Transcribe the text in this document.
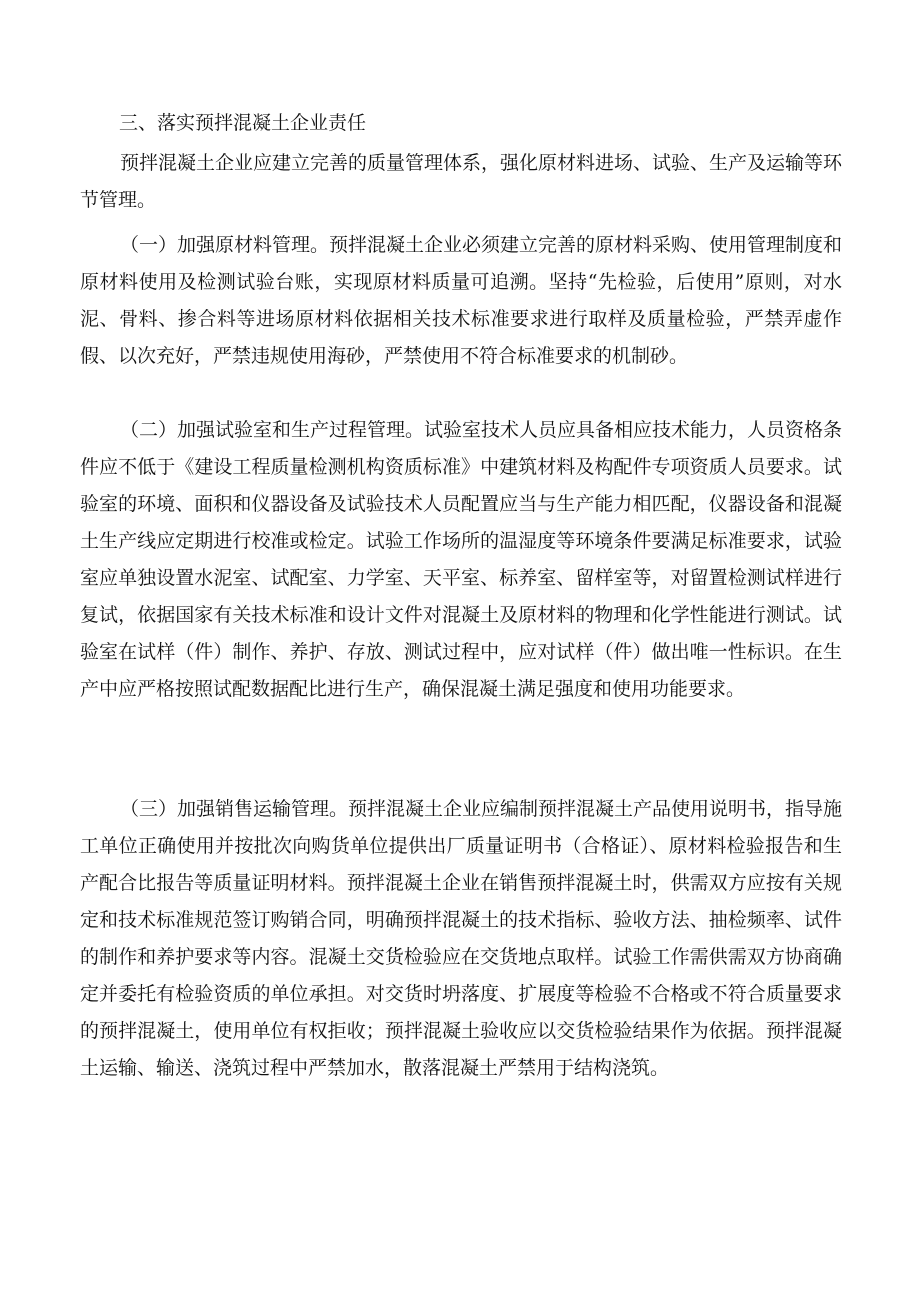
三、落实预拌混凝土企业责任

预拌混凝土企业应建立完善的质量管理体系，强化原材料进场、试验、生产及运输等环节管理。

（一）加强原材料管理。预拌混凝土企业必须建立完善的原材料采购、使用管理制度和原材料使用及检测试验台账，实现原材料质量可追溯。坚持“先检验，后使用”原则，对水泥、骨料、掺合料等进场原材料依据相关技术标准要求进行取样及质量检验，严禁弄虚作假、以次充好，严禁违规使用海砂，严禁使用不符合标准要求的机制砂。

（二）加强试验室和生产过程管理。试验室技术人员应具备相应技术能力，人员资格条件应不低于《建设工程质量检测机构资质标准》中建筑材料及构配件专项资质人员要求。试验室的环境、面积和仪器设备及试验技术人员配置应当与生产能力相匹配，仪器设备和混凝土生产线应定期进行校准或检定。试验工作场所的温湿度等环境条件要满足标准要求，试验室应单独设置水泥室、试配室、力学室、天平室、标养室、留样室等，对留置检测试样进行复试，依据国家有关技术标准和设计文件对混凝土及原材料的物理和化学性能进行测试。试验室在试样（件）制作、养护、存放、测试过程中，应对试样（件）做出唯一性标识。在生产中应严格按照试配数据配比进行生产，确保混凝土满足强度和使用功能要求。

（三）加强销售运输管理。预拌混凝土企业应编制预拌混凝土产品使用说明书，指导施工单位正确使用并按批次向购货单位提供出厂质量证明书（合格证）、原材料检验报告和生产配合比报告等质量证明材料。预拌混凝土企业在销售预拌混凝土时，供需双方应按有关规定和技术标准规范签订购销合同，明确预拌混凝土的技术指标、验收方法、抽检频率、试件的制作和养护要求等内容。混凝土交货检验应在交货地点取样。试验工作需供需双方协商确定并委托有检验资质的单位承担。对交货时坍落度、扩展度等检验不合格或不符合质量要求的预拌混凝土，使用单位有权拒收；预拌混凝土验收应以交货检验结果作为依据。预拌混凝土运输、输送、浇筑过程中严禁加水，散落混凝土严禁用于结构浇筑。
